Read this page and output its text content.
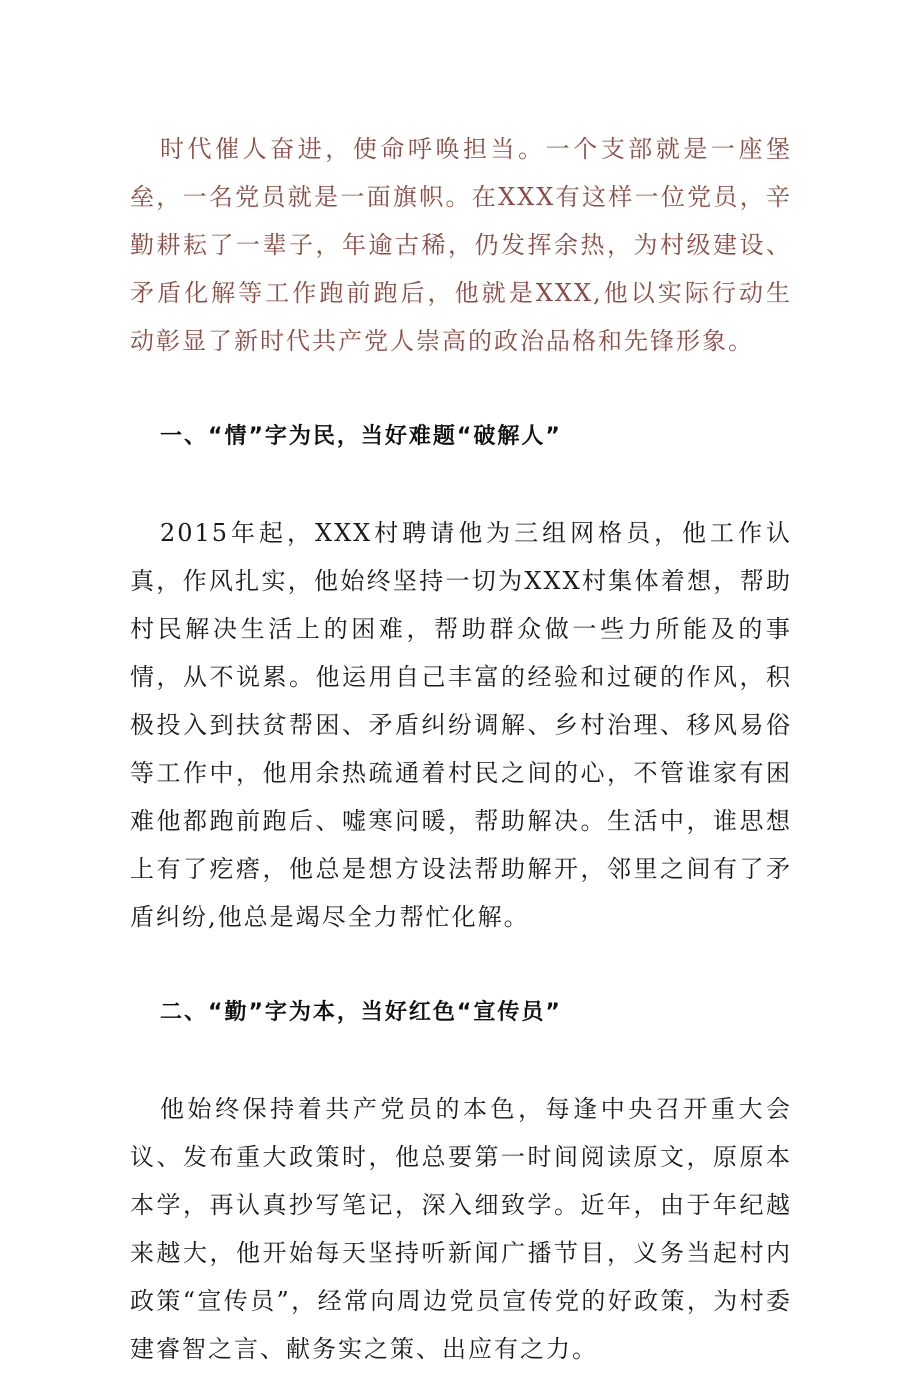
时代催人奋进，使命呼唤担当。一个支部就是一座堡垒，一名党员就是一面旗帜。在XXX有这样一位党员，辛勤耕耘了一辈子，年逾古稀，仍发挥余热，为村级建设、矛盾化解等工作跑前跑后，他就是XXX,他以实际行动生动彰显了新时代共产党人崇高的政治品格和先锋形象。

一、“情”字为民，当好难题“破解人”

2015年起，XXX村聘请他为三组网格员，他工作认真，作风扎实，他始终坚持一切为XXX村集体着想，帮助村民解决生活上的困难，帮助群众做一些力所能及的事情，从不说累。他运用自己丰富的经验和过硬的作风，积极投入到扶贫帮困、矛盾纠纷调解、乡村治理、移风易俗等工作中，他用余热疏通着村民之间的心，不管谁家有困难他都跑前跑后、嘘寒问暖，帮助解决。生活中，谁思想上有了疙瘩，他总是想方设法帮助解开，邻里之间有了矛盾纠纷,他总是竭尽全力帮忙化解。

二、“勤”字为本，当好红色“宣传员”

他始终保持着共产党员的本色，每逢中央召开重大会议、发布重大政策时，他总要第一时间阅读原文，原原本本学，再认真抄写笔记，深入细致学。近年，由于年纪越来越大，他开始每天坚持听新闻广播节目，义务当起村内政策“宣传员”，经常向周边党员宣传党的好政策，为村委建睿智之言、献务实之策、出应有之力。
